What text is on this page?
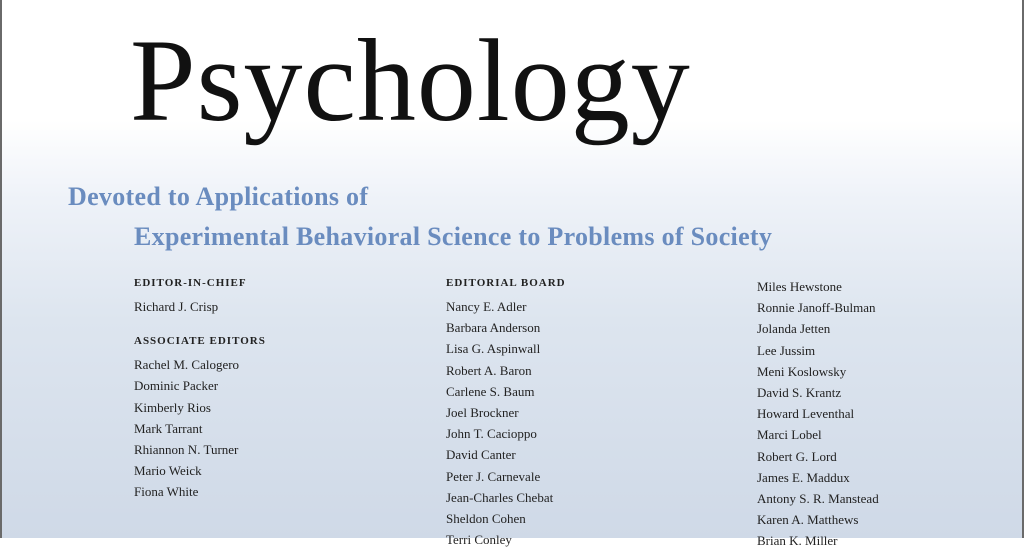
Psychology
Devoted to Applications of
Experimental Behavioral Science to Problems of Society
EDITOR-IN-CHIEF
Richard J. Crisp
ASSOCIATE EDITORS
Rachel M. Calogero
Dominic Packer
Kimberly Rios
Mark Tarrant
Rhiannon N. Turner
Mario Weick
Fiona White
EDITORIAL BOARD
Nancy E. Adler
Barbara Anderson
Lisa G. Aspinwall
Robert A. Baron
Carlene S. Baum
Joel Brockner
John T. Cacioppo
David Canter
Peter J. Carnevale
Jean-Charles Chebat
Sheldon Cohen
Terri Conley
Miles Hewstone
Ronnie Janoff-Bulman
Jolanda Jetten
Lee Jussim
Meni Koslowsky
David S. Krantz
Howard Leventhal
Marci Lobel
Robert G. Lord
James E. Maddux
Antony S. R. Manstead
Karen A. Matthews
Brian K. Miller
